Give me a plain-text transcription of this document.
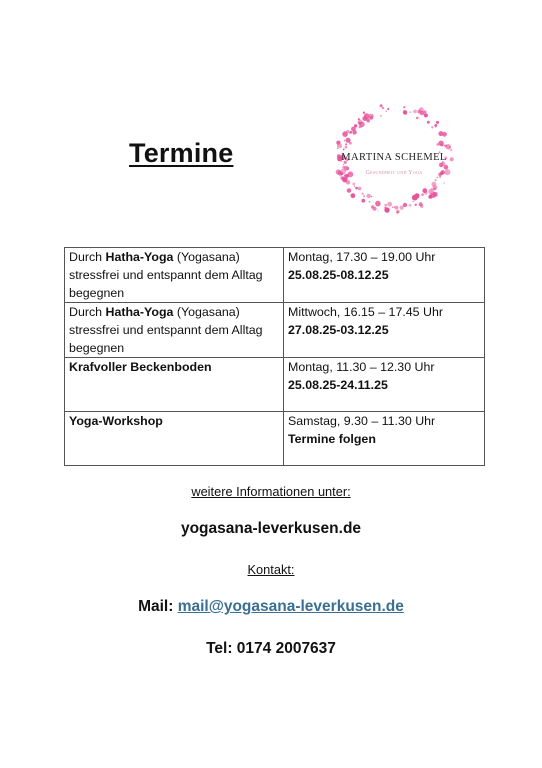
Termine	MARTINA SCHEMEL
Gesundheit und Yoga
Durch Hatha-Yoga (Yogasana) stressfrei und entspannt dem Alltag begegnen	Montag, 17.30 – 19.00 Uhr
25.08.25-08.12.25

Durch Hatha-Yoga (Yogasana) stressfrei und entspannt dem Alltag begegnen	Mittwoch, 16.15 – 17.45 Uhr
27.08.25-03.12.25

Krafvoller Beckenboden	Montag, 11.30 – 12.30 Uhr
25.08.25-24.11.25

Yoga-Workshop	Samstag, 9.30 – 11.30 Uhr
Termine folgen
weitere Informationen unter:
yogasana-leverkusen.de
Kontakt:
Mail: mail@yogasana-leverkusen.de
Tel: 0174 2007637
